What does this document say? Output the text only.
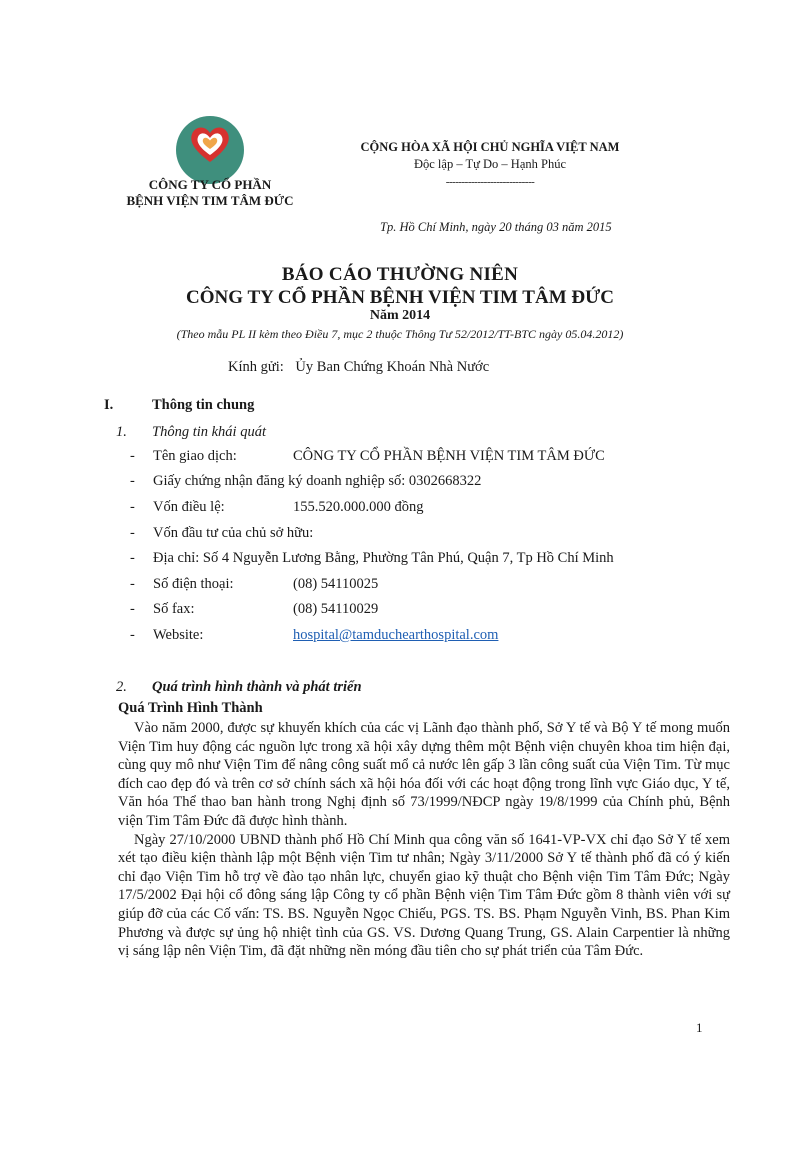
CÔNG TY CỔ PHẦN
BỆNH VIỆN TIM TÂM ĐỨC
CỘNG HÒA XÃ HỘI CHỦ NGHĨA VIỆT NAM
Độc lập – Tự Do – Hạnh Phúc
----------------------------
Tp. Hồ Chí Minh, ngày 20 tháng 03 năm 2015
BÁO CÁO THƯỜNG NIÊN
CÔNG TY CỔ PHẦN BỆNH VIỆN TIM TÂM ĐỨC
Năm 2014
(Theo mẫu PL II kèm theo Điều 7, mục 2 thuộc Thông Tư 52/2012/TT-BTC ngày 05.04.2012)
Kính gửi: Ủy Ban Chứng Khoán Nhà Nước
I.	Thông tin chung
1. Thông tin khái quát
- Tên giao dịch:	CÔNG TY CỔ PHẦN BỆNH VIỆN TIM TÂM ĐỨC
- Giấy chứng nhận đăng ký doanh nghiệp số: 0302668322
- Vốn điều lệ:	155.520.000.000 đồng
- Vốn đầu tư của chủ sở hữu:
- Địa chỉ: Số 4 Nguyễn Lương Bằng, Phường Tân Phú, Quận 7, Tp Hồ Chí Minh
- Số điện thoại:	(08) 54110025
- Số fax:	(08) 54110029
- Website:	hospital@tamduchearthospital.com
2. Quá trình hình thành và phát triển
Quá Trình Hình Thành

Vào năm 2000, được sự khuyến khích của các vị Lãnh đạo thành phố, Sở Y tế và Bộ Y tế mong muốn Viện Tim huy động các nguồn lực trong xã hội xây dựng thêm một Bệnh viện chuyên khoa tim hiện đại, cùng quy mô như Viện Tim để nâng công suất mổ cả nước lên gấp 3 lần công suất của Viện Tim. Từ mục đích cao đẹp đó và trên cơ sở chính sách xã hội hóa đối với các hoạt động trong lĩnh vực Giáo dục, Y tế, Văn hóa Thể thao ban hành trong Nghị định số 73/1999/NĐCP ngày 19/8/1999 của Chính phủ, Bệnh viện Tim Tâm Đức đã được hình thành.

Ngày 27/10/2000 UBND thành phố Hồ Chí Minh qua công văn số 1641-VP-VX chỉ đạo Sở Y tế xem xét tạo điều kiện thành lập một Bệnh viện Tim tư nhân; Ngày 3/11/2000 Sở Y tế thành phố đã có ý kiến chỉ đạo Viện Tim hỗ trợ về đào tạo nhân lực, chuyển giao kỹ thuật cho Bệnh viện Tim Tâm Đức; Ngày 17/5/2002 Đại hội cổ đông sáng lập Công ty cổ phần Bệnh viện Tim Tâm Đức gồm 8 thành viên với sự giúp đỡ của các Cố vấn: TS. BS. Nguyễn Ngọc Chiếu, PGS. TS. BS. Phạm Nguyễn Vinh, BS. Phan Kim Phương và được sự ủng hộ nhiệt tình của GS. VS. Dương Quang Trung, GS. Alain Carpentier là những vị sáng lập nên Viện Tim, đã đặt những nền móng đầu tiên cho sự phát triển của Tâm Đức.

1
